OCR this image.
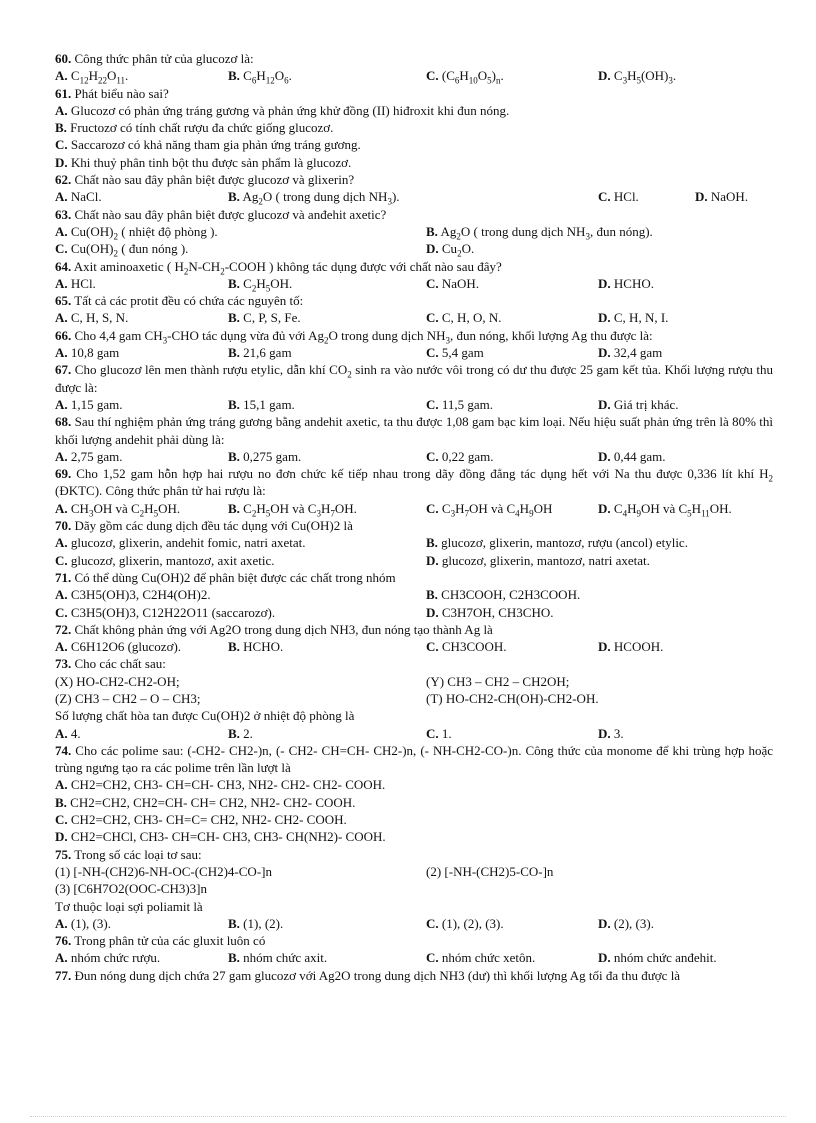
60. Công thức phân tử của glucozơ là:
A. $C_{12}H_{22}O_{11}$.	B. $C_6H_{12}O_6$.	C. $(C_6H_{10}O_5)_n$.	D. $C_3H_5(OH)_3$.
61. Phát biểu nào sai?
A. Glucozơ có phản ứng tráng gương và phản ứng khử đồng (II) hiđroxit khi đun nóng.
B. Fructozơ có tính chất rượu đa chức giống glucozơ.
C. Saccarozơ có khả năng tham gia phản ứng tráng gương.
D. Khi thuỷ phân tinh bột thu được sản phẩm là glucozơ.
62. Chất nào sau đây phân biệt được glucozơ và glixerin?
A. NaCl.	B. $Ag_2O$ ( trong dung dịch $NH_3$).	C. HCl.	D. NaOH.
63. Chất nào sau đây phân biệt được glucozơ và anđehit axetic?
A. $Cu(OH)_2$ ( nhiệt độ phòng ).	B. $Ag_2O$ ( trong dung dịch $NH_3$, đun nóng).
C. $Cu(OH)_2$ ( đun nóng ).	D. $Cu_2O$.
64. Axit aminoaxetic ( $H_2N-CH_2$-COOH ) không tác dụng được với chất nào sau đây?
A. HCl.	B. $C_2H_5OH$.	C. NaOH.	D. HCHO.
65. Tất cả các protit đều có chứa các nguyên tố:
A. C, H, S, N.	B. C, P, S, Fe.	C. C, H, O, N.	D. C, H, N, I.
66. Cho 4,4 gam $CH_3$-CHO tác dụng vừa đủ với $Ag_2O$ trong dung dịch $NH_3$, đun nóng, khối lượng Ag thu được là:
A. 10,8 gam	B. 21,6 gam	C. 5,4 gam	D. 32,4 gam
67. Cho glucozơ lên men thành rượu etylic, dẫn khí $CO_2$ sinh ra vào nước vôi trong có dư thu được 25 gam kết tủa. Khối lượng rượu thu được là:
A. 1,15 gam.	B. 15,1 gam.	C. 11,5 gam.	D. Giá trị khác.
68. Sau thí nghiệm phản ứng tráng gương bằng andehit axetic, ta thu được 1,08 gam bạc kim loại. Nếu hiệu suất phản ứng trên là 80% thì khối lượng andehit phải dùng là:
A. 2,75 gam.	B. 0,275 gam.	C. 0,22 gam.	D. 0,44 gam.
69. Cho 1,52 gam hỗn hợp hai rượu no đơn chức kế tiếp nhau trong dãy đồng đẳng tác dụng hết với Na thu được 0,336 lít khí $H_2$ (ĐKTC). Công thức phân tử hai rượu là:
A. $CH_3OH$ và $C_2H_5OH$.	B. $C_2H_5OH$ và $C_3H_7OH$.	C. $C_3H_7OH$ và $C_4H_9OH$	D. $C_4H_9OH$ và $C_5H_{11}OH$.
70. Dãy gồm các dung dịch đều tác dụng với Cu(OH)2 là
A. glucozơ, glixerin, andehit fomic, natri axetat.	B. glucozơ, glixerin, mantozơ, rượu (ancol) etylic.
C. glucozơ, glixerin, mantozơ, axit axetic.	D. glucozơ, glixerin, mantozơ, natri axetat.
71. Có thể dùng Cu(OH)2 để phân biệt được các chất trong nhóm
A. C3H5(OH)3, C2H4(OH)2.	B. CH3COOH, C2H3COOH.
C. C3H5(OH)3, C12H22O11 (saccarozơ).	D. C3H7OH, CH3CHO.
72. Chất không phản ứng với Ag2O trong dung dịch NH3, đun nóng tạo thành Ag là
A. C6H12O6 (glucozơ).	B. HCHO.	C. CH3COOH.	D. HCOOH.
73. Cho các chất sau:
(X) HO-CH2-CH2-OH;	(Y) CH3 – CH2 – CH2OH;
(Z) CH3 – CH2 – O – CH3;	(T) HO-CH2-CH(OH)-CH2-OH.
Số lượng chất hòa tan được Cu(OH)2 ở nhiệt độ phòng là
A. 4.	B. 2.	C. 1.	D. 3.
74. Cho các polime sau: (-CH2- CH2-)n, (- CH2- CH=CH- CH2-)n, (- NH-CH2-CO-)n. Công thức của monome để khi trùng hợp hoặc trùng ngưng tạo ra các polime trên lần lượt là
A. CH2=CH2, CH3- CH=CH- CH3, NH2- CH2- CH2- COOH.
B. CH2=CH2, CH2=CH- CH= CH2, NH2- CH2- COOH.
C. CH2=CH2, CH3- CH=C= CH2, NH2- CH2- COOH.
D. CH2=CHCl, CH3- CH=CH- CH3, CH3- CH(NH2)- COOH.
75. Trong số các loại tơ sau:
(1) [-NH-(CH2)6-NH-OC-(CH2)4-CO-]n	(2) [-NH-(CH2)5-CO-]n
(3) [C6H7O2(OOC-CH3)3]n
Tơ thuộc loại sợi poliamit là
A. (1), (3).	B. (1), (2).	C. (1), (2), (3).	D. (2), (3).
76. Trong phân tử của các gluxit luôn có
A. nhóm chức rượu.	B. nhóm chức axit.	C. nhóm chức xetôn.	D. nhóm chức anđehit.
77. Đun nóng dung dịch chứa 27 gam glucozơ với Ag2O trong dung dịch NH3 (dư) thì khối lượng Ag tối đa thu được là
